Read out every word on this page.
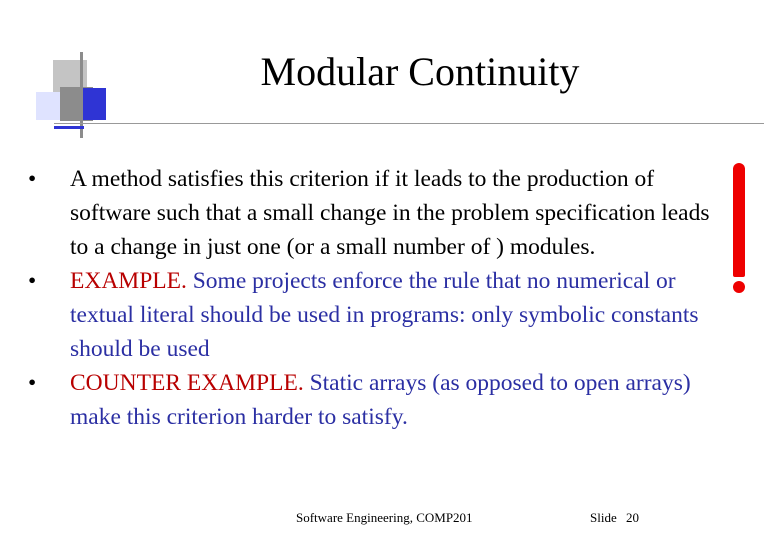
Modular Continuity
•	A method satisfies this criterion if it leads to the production of software such that a small change in the problem specification leads to a change in just one (or a small number of ) modules.
•	EXAMPLE. Some projects enforce the rule that no numerical or textual literal should be used in programs: only symbolic constants should be used
•	COUNTER EXAMPLE. Static arrays (as opposed to open arrays) make this criterion harder to satisfy.
Software Engineering, COMP201	Slide 20
